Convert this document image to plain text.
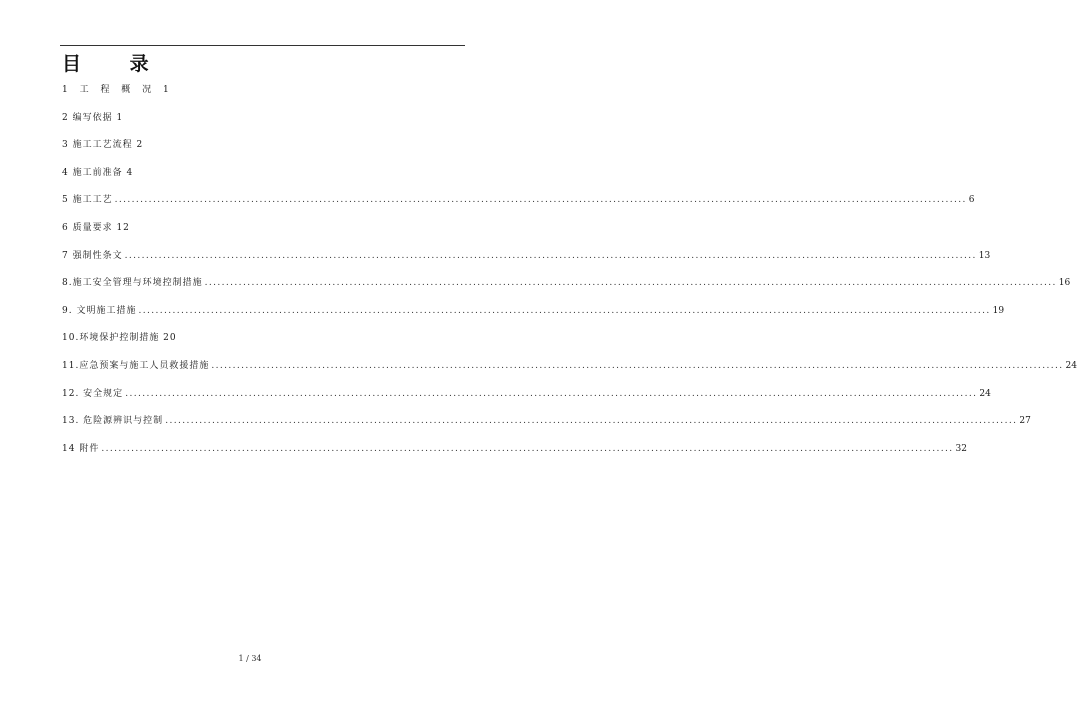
目 录
1 工 程 概 况 1
2 编写依据 1
3 施工工艺流程 2
4 施工前准备 4
5 施工工艺 ........................................................................................................................................................................................................ 6
6 质量要求 12
7 强制性条文 ........................................................................................................................................................................................................ 13
8.施工安全管理与环境控制措施 ........................................................................................................................................................................................................ 16
9. 文明施工措施 ........................................................................................................................................................................................................ 19
10.环境保护控制措施 20
11.应急预案与施工人员救援措施 ........................................................................................................................................................................................................ 24
12. 安全规定 ........................................................................................................................................................................................................ 24
13. 危险源辨识与控制 ........................................................................................................................................................................................................ 27
14 附件 ........................................................................................................................................................................................................ 32
1 / 34
